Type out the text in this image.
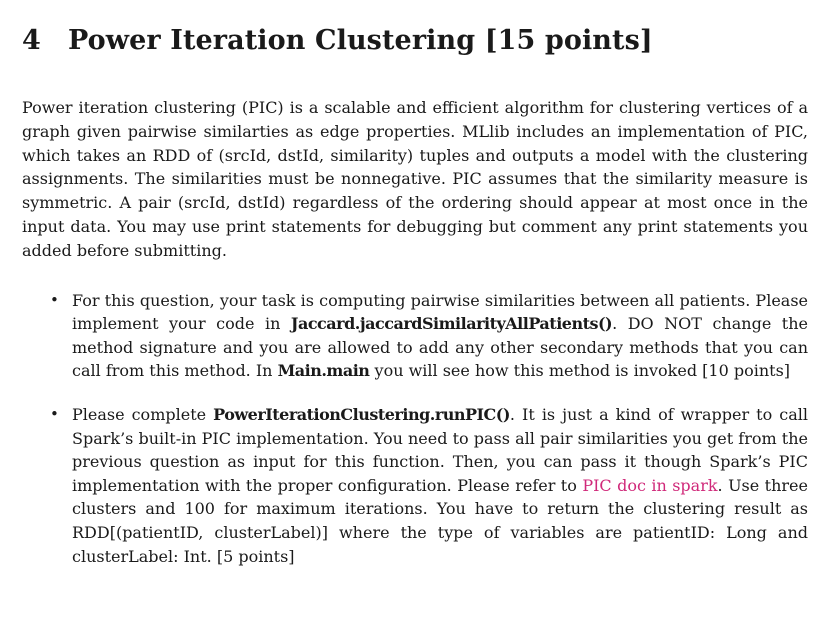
4 Power Iteration Clustering [15 points]

Power iteration clustering (PIC) is a scalable and efficient algorithm for clustering vertices of a graph given pairwise similarties as edge properties. MLlib includes an implementation of PIC, which takes an RDD of (srcId, dstId, similarity) tuples and outputs a model with the clustering assignments. The similarities must be nonnegative. PIC assumes that the similarity measure is symmetric. A pair (srcId, dstId) regardless of the ordering should appear at most once in the input data. You may use print statements for debugging but comment any print statements you added before submitting.

• For this question, your task is computing pairwise similarities between all patients. Please implement your code in Jaccard.jaccardSimilarityAllPatients(). DO NOT change the method signature and you are allowed to add any other secondary methods that you can call from this method. In Main.main you will see how this method is invoked [10 points]
• Please complete PowerIterationClustering.runPIC(). It is just a kind of wrapper to call Spark’s built-in PIC implementation. You need to pass all pair similarities you get from the previous question as input for this function. Then, you can pass it though Spark’s PIC implementation with the proper configuration. Please refer to PIC doc in spark. Use three clusters and 100 for maximum iterations. You have to return the clustering result as RDD[(patientID, clusterLabel)] where the type of variables are patientID: Long and clusterLabel: Int. [5 points]
